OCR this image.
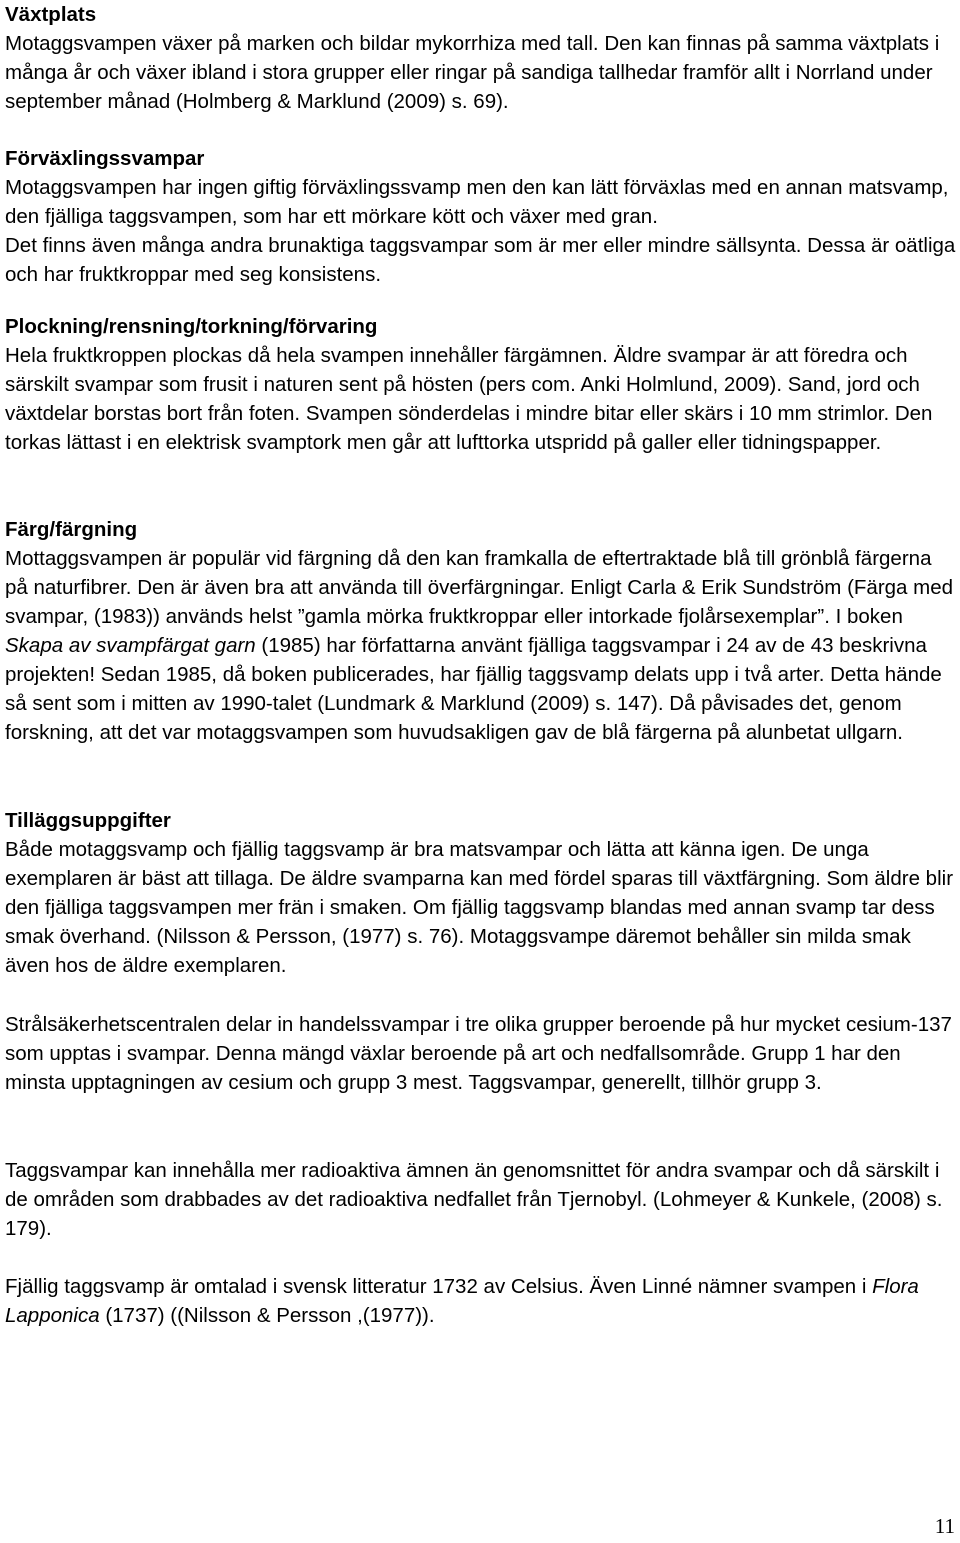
Växtplats

Motaggsvampen växer på marken och bildar mykorrhiza med tall. Den kan finnas på samma växtplats i många år och växer ibland i stora grupper eller ringar på sandiga tallhedar framför allt i Norrland under september månad (Holmberg & Marklund (2009) s. 69).

Förväxlingssvampar

Motaggsvampen har ingen giftig förväxlingssvamp men den kan lätt förväxlas med en annan matsvamp, den fjälliga taggsvampen, som har ett mörkare kött och växer med gran.

Det finns även många andra brunaktiga taggsvampar som är mer eller mindre sällsynta. Dessa är oätliga och har fruktkroppar med seg konsistens.

Plockning/rensning/torkning/förvaring

Hela fruktkroppen plockas då hela svampen innehåller färgämnen. Äldre svampar är att föredra och särskilt svampar som frusit i naturen sent på hösten (pers com. Anki Holmlund, 2009). Sand, jord och växtdelar borstas bort från foten. Svampen sönderdelas i mindre bitar eller skärs i 10 mm strimlor. Den torkas lättast i en elektrisk svamptork men går att lufttorka utspridd på galler eller tidningspapper.

Färg/färgning

Mottaggsvampen är populär vid färgning då den kan framkalla de eftertraktade blå till grönblå färgerna på naturfibrer. Den är även bra att använda till överfärgningar. Enligt Carla & Erik Sundström (Färga med svampar, (1983)) används helst ”gamla mörka fruktkroppar eller intorkade fjolårsexemplar”. I boken Skapa av svampfärgat garn (1985) har författarna använt fjälliga taggsvampar i 24 av de 43 beskrivna projekten! Sedan 1985, då boken publicerades, har fjällig taggsvamp delats upp i två arter. Detta hände så sent som i mitten av 1990-talet (Lundmark & Marklund (2009) s. 147). Då påvisades det, genom forskning, att det var motaggsvampen som huvudsakligen gav de blå färgerna på alunbetat ullgarn.

Tilläggsuppgifter

Både motaggsvamp och fjällig taggsvamp är bra matsvampar och lätta att känna igen. De unga exemplaren är bäst att tillaga. De äldre svamparna kan med fördel sparas till växtfärgning. Som äldre blir den fjälliga taggsvampen mer frän i smaken. Om fjällig taggsvamp blandas med annan svamp tar dess smak överhand. (Nilsson & Persson, (1977) s. 76). Motaggsvampe däremot behåller sin milda smak även hos de äldre exemplaren.

Strålsäkerhetscentralen delar in handelssvampar i tre olika grupper beroende på hur mycket cesium-137 som upptas i svampar. Denna mängd växlar beroende på art och nedfallsområde. Grupp 1 har den minsta upptagningen av cesium och grupp 3 mest. Taggsvampar, generellt, tillhör grupp 3.

Taggsvampar kan innehålla mer radioaktiva ämnen än genomsnittet för andra svampar och då särskilt i de områden som drabbades av det radioaktiva nedfallet från Tjernobyl. (Lohmeyer & Kunkele, (2008) s. 179).

Fjällig taggsvamp är omtalad i svensk litteratur 1732 av Celsius. Även Linné nämner svampen i Flora Lapponica (1737) ((Nilsson & Persson ,(1977)).

11
